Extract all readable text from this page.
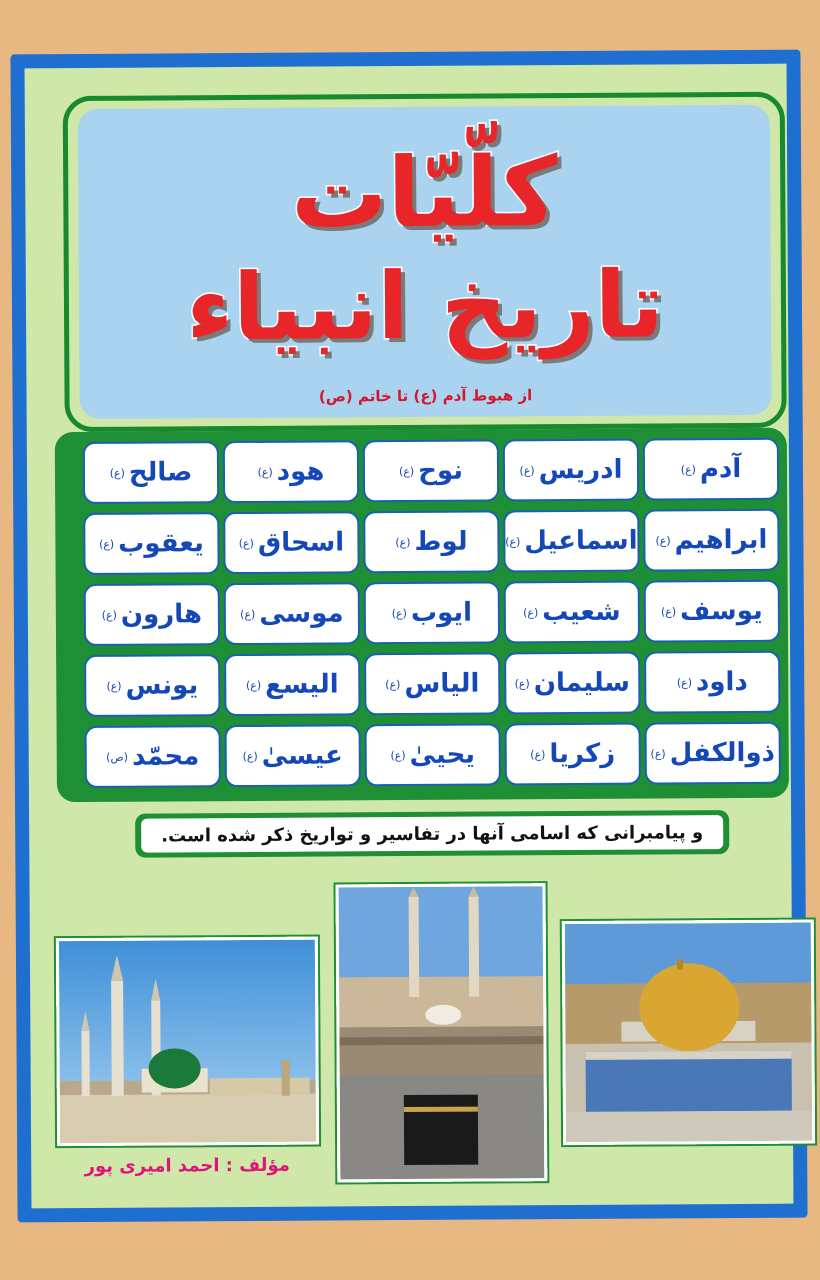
کلّیّات
تاریخ انبیاء
از هبوط آدم (ع) تا خاتم (ص)
آدم
(ع)
ادریس
(ع)
نوح
(ع)
هود
(ع)
صالح
(ع)
ابراهیم
(ع)
اسماعیل
(ع)
لوط
(ع)
اسحاق
(ع)
یعقوب
(ع)
یوسف
(ع)
شعیب
(ع)
ایوب
(ع)
موسی
(ع)
هارون
(ع)
داود
(ع)
سلیمان
(ع)
الیاس
(ع)
الیسع
(ع)
یونس
(ع)
ذوالکفل
(ع)
زکریا
(ع)
یحییٰ
(ع)
عیسیٰ
(ع)
محمّد
(ص)
و پیامبرانی که اسامی آنها در تفاسیر و تواریخ ذکر شده است.
مؤلف : احمد امیری پور
